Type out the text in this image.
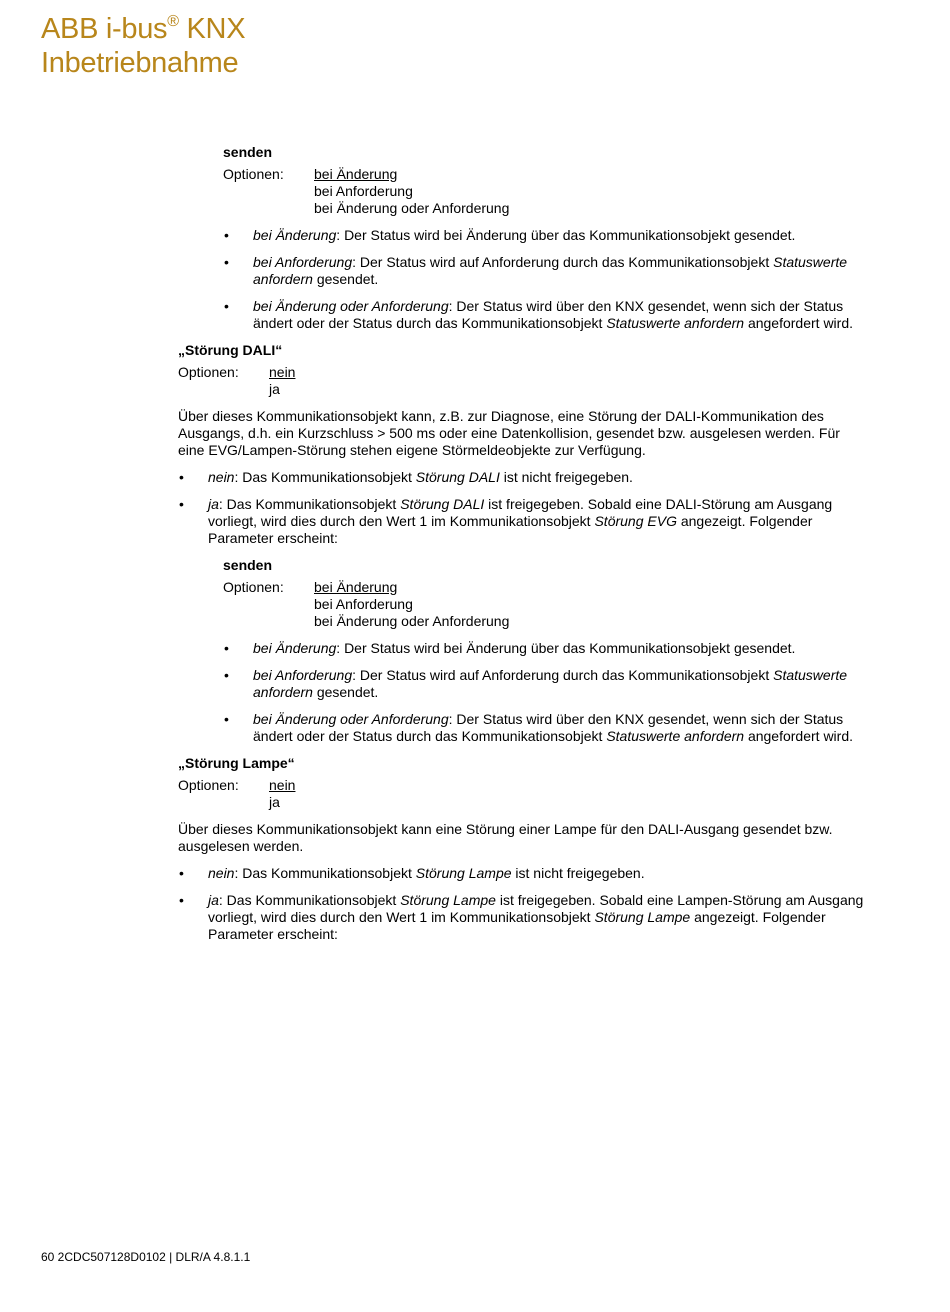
ABB i-bus® KNX
Inbetriebnahme
senden
Optionen:	bei Änderung
bei Anforderung
bei Änderung oder Anforderung
•	bei Änderung: Der Status wird bei Änderung über das Kommunikationsobjekt gesendet.
•	bei Anforderung: Der Status wird auf Anforderung durch das Kommunikationsobjekt Statuswerte anfordern gesendet.
•	bei Änderung oder Anforderung: Der Status wird über den KNX gesendet, wenn sich der Status ändert oder der Status durch das Kommunikationsobjekt Statuswerte anfordern angefordert wird.
„Störung DALI“
Optionen:	nein
ja

Über dieses Kommunikationsobjekt kann, z.B. zur Diagnose, eine Störung der DALI-Kommunikation des Ausgangs, d.h. ein Kurzschluss > 500 ms oder eine Datenkollision, gesendet bzw. ausgelesen werden. Für eine EVG/Lampen-Störung stehen eigene Störmeldeobjekte zur Verfügung.

•	nein: Das Kommunikationsobjekt Störung DALI ist nicht freigegeben.
•	ja: Das Kommunikationsobjekt Störung DALI ist freigegeben. Sobald eine DALI-Störung am Ausgang vorliegt, wird dies durch den Wert 1 im Kommunikationsobjekt Störung EVG angezeigt. Folgender Parameter erscheint:
senden
Optionen:	bei Änderung
bei Anforderung
bei Änderung oder Anforderung
•	bei Änderung: Der Status wird bei Änderung über das Kommunikationsobjekt gesendet.
•	bei Anforderung: Der Status wird auf Anforderung durch das Kommunikationsobjekt Statuswerte anfordern gesendet.
•	bei Änderung oder Anforderung: Der Status wird über den KNX gesendet, wenn sich der Status ändert oder der Status durch das Kommunikationsobjekt Statuswerte anfordern angefordert wird.
„Störung Lampe“
Optionen:	nein
ja

Über dieses Kommunikationsobjekt kann eine Störung einer Lampe für den DALI-Ausgang gesendet bzw. ausgelesen werden.

•	nein: Das Kommunikationsobjekt Störung Lampe ist nicht freigegeben.
•	ja: Das Kommunikationsobjekt Störung Lampe ist freigegeben. Sobald eine Lampen-Störung am Ausgang vorliegt, wird dies durch den Wert 1 im Kommunikationsobjekt Störung Lampe angezeigt. Folgender Parameter erscheint:
60 2CDC507128D0102 | DLR/A 4.8.1.1
